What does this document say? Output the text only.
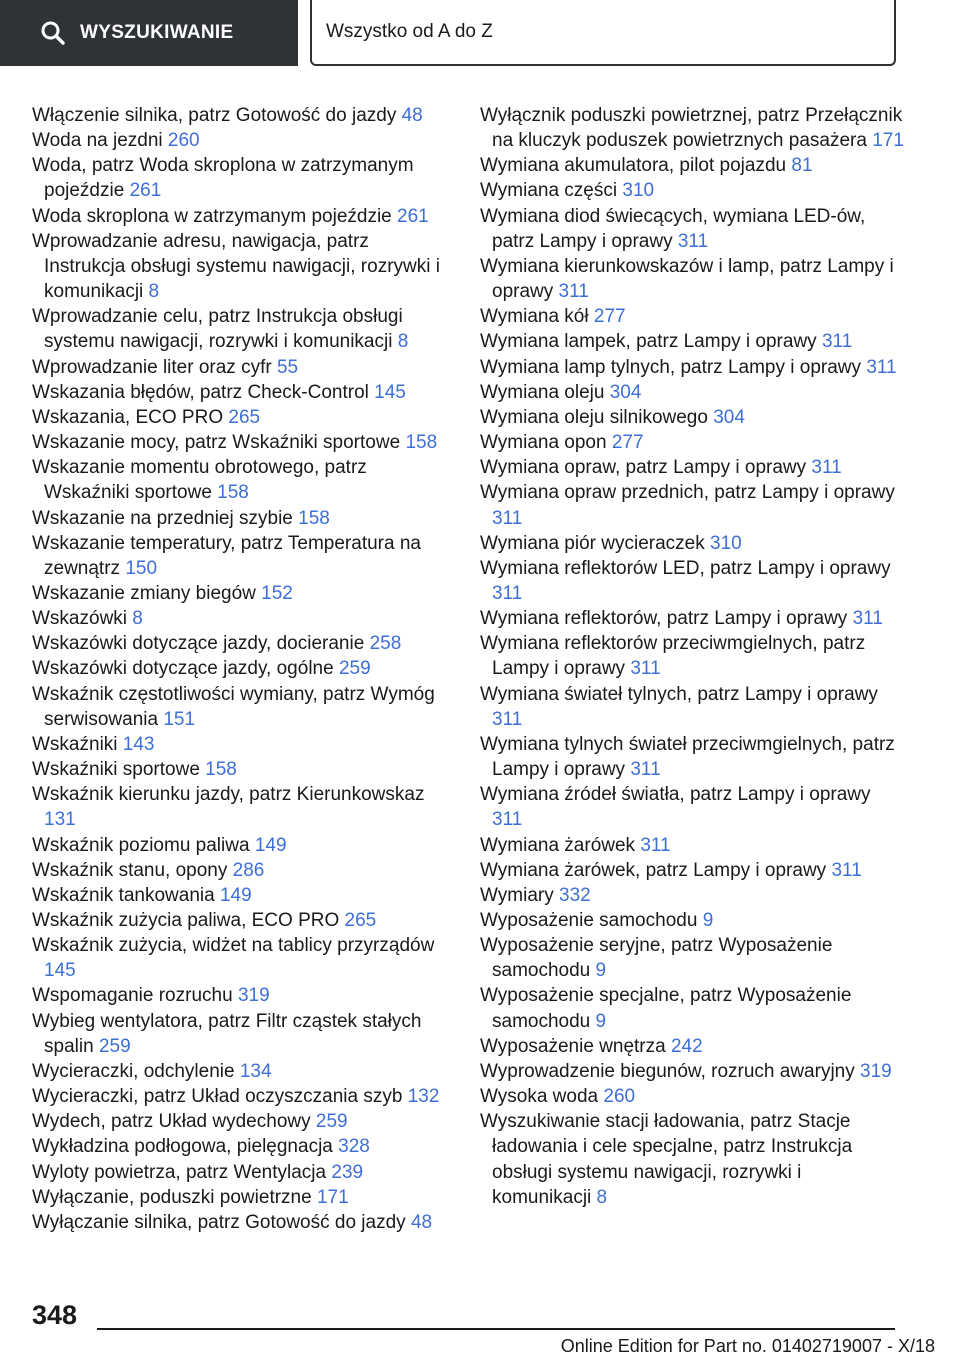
WYSZUKIWANIE	Wszystko od A do Z
Włączenie silnika, patrz Gotowość do jazdy 48
Woda na jezdni 260
Woda, patrz Woda skroplona w zatrzymanym pojeździe 261
Woda skroplona w zatrzymanym pojeździe 261
Wprowadzanie adresu, nawigacja, patrz Instrukcja obsługi systemu nawigacji, rozrywki i komunikacji 8
Wprowadzanie celu, patrz Instrukcja obsługi systemu nawigacji, rozrywki i komunikacji 8
Wprowadzanie liter oraz cyfr 55
Wskazania błędów, patrz Check-Control 145
Wskazania, ECO PRO 265
Wskazanie mocy, patrz Wskaźniki sportowe 158
Wskazanie momentu obrotowego, patrz Wskaźniki sportowe 158
Wskazanie na przedniej szybie 158
Wskazanie temperatury, patrz Temperatura na zewnątrz 150
Wskazanie zmiany biegów 152
Wskazówki 8
Wskazówki dotyczące jazdy, docieranie 258
Wskazówki dotyczące jazdy, ogólne 259
Wskaźnik częstotliwości wymiany, patrz Wymóg serwisowania 151
Wskaźniki 143
Wskaźniki sportowe 158
Wskaźnik kierunku jazdy, patrz Kierunkowskaz 131
Wskaźnik poziomu paliwa 149
Wskaźnik stanu, opony 286
Wskaźnik tankowania 149
Wskaźnik zużycia paliwa, ECO PRO 265
Wskaźnik zużycia, widżet na tablicy przyrządów 145
Wspomaganie rozruchu 319
Wybieg wentylatora, patrz Filtr cząstek stałych spalin 259
Wycieraczki, odchylenie 134
Wycieraczki, patrz Układ oczyszczania szyb 132
Wydech, patrz Układ wydechowy 259
Wykładzina podłogowa, pielęgnacja 328
Wyloty powietrza, patrz Wentylacja 239
Wyłączanie, poduszki powietrzne 171
Wyłączanie silnika, patrz Gotowość do jazdy 48
Wyłącznik poduszki powietrznej, patrz Przełącznik na kluczyk poduszek powietrznych pasażera 171
Wymiana akumulatora, pilot pojazdu 81
Wymiana części 310
Wymiana diod świecących, wymiana LED-ów, patrz Lampy i oprawy 311
Wymiana kierunkowskazów i lamp, patrz Lampy i oprawy 311
Wymiana kół 277
Wymiana lampek, patrz Lampy i oprawy 311
Wymiana lamp tylnych, patrz Lampy i oprawy 311
Wymiana oleju 304
Wymiana oleju silnikowego 304
Wymiana opon 277
Wymiana opraw, patrz Lampy i oprawy 311
Wymiana opraw przednich, patrz Lampy i oprawy 311
Wymiana piór wycieraczek 310
Wymiana reflektorów LED, patrz Lampy i oprawy 311
Wymiana reflektorów, patrz Lampy i oprawy 311
Wymiana reflektorów przeciwmgielnych, patrz Lampy i oprawy 311
Wymiana świateł tylnych, patrz Lampy i oprawy 311
Wymiana tylnych świateł przeciwmgielnych, patrz Lampy i oprawy 311
Wymiana źródeł światła, patrz Lampy i oprawy 311
Wymiana żarówek 311
Wymiana żarówek, patrz Lampy i oprawy 311
Wymiary 332
Wyposażenie samochodu 9
Wyposażenie seryjne, patrz Wyposażenie samochodu 9
Wyposażenie specjalne, patrz Wyposażenie samochodu 9
Wyposażenie wnętrza 242
Wyprowadzenie biegunów, rozruch awaryjny 319
Wysoka woda 260
Wyszukiwanie stacji ładowania, patrz Stacje ładowania i cele specjalne, patrz Instrukcja obsługi systemu nawigacji, rozrywki i komunikacji 8
348
Online Edition for Part no. 01402719007 - X/18
